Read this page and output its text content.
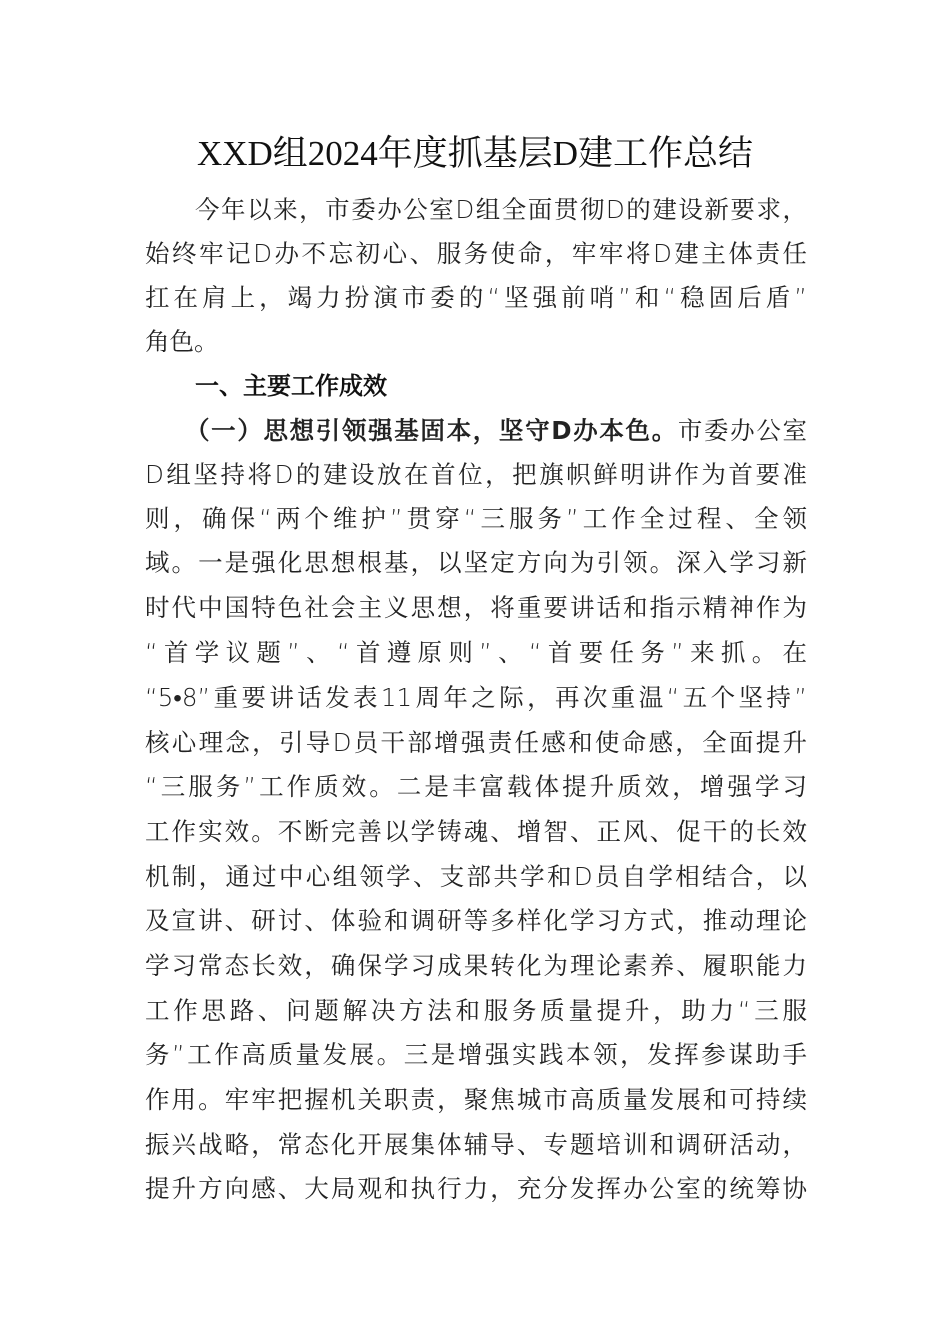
XXD组2024年度抓基层D建工作总结
今年以来，市委办公室D组全面贯彻D的建设新要求，
始终牢记D办不忘初心、服务使命，牢牢将D建主体责任
扛在肩上，竭力扮演市委的“坚强前哨”和“稳固后盾”
角色。
一、主要工作成效
（一）思想引领强基固本，坚守D办本色。市委办公室
D组坚持将D的建设放在首位，把旗帜鲜明讲作为首要准
则，确保“两个维护”贯穿“三服务”工作全过程、全领
域。一是强化思想根基，以坚定方向为引领。深入学习新
时代中国特色社会主义思想，将重要讲话和指示精神作为
“首学议题”、“首遵原则”、“首要任务”来抓。在
“5•8”重要讲话发表11周年之际，再次重温“五个坚持”
核心理念，引导D员干部增强责任感和使命感，全面提升
“三服务”工作质效。二是丰富载体提升质效，增强学习
工作实效。不断完善以学铸魂、增智、正风、促干的长效
机制，通过中心组领学、支部共学和D员自学相结合，以
及宣讲、研讨、体验和调研等多样化学习方式，推动理论
学习常态长效，确保学习成果转化为理论素养、履职能力
工作思路、问题解决方法和服务质量提升，助力“三服
务”工作高质量发展。三是增强实践本领，发挥参谋助手
作用。牢牢把握机关职责，聚焦城市高质量发展和可持续
振兴战略，常态化开展集体辅导、专题培训和调研活动，
提升方向感、大局观和执行力，充分发挥办公室的统筹协
